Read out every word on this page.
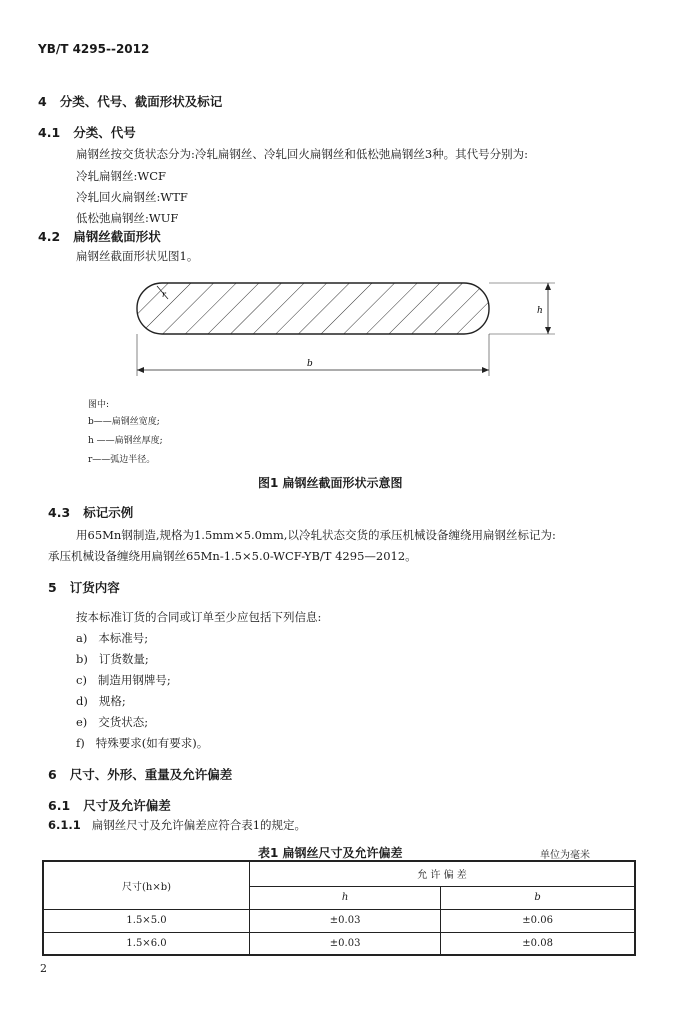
YB/T 4295--2012
4 分类、代号、截面形状及标记
4.1 分类、代号
扁钢丝按交货状态分为:冷轧扁钢丝、冷轧回火扁钢丝和低松弛扁钢丝3种。其代号分别为:
冷轧扁钢丝:WCF
冷轧回火扁钢丝:WTF
低松弛扁钢丝:WUF
4.2 扁钢丝截面形状
扁钢丝截面形状见图1。
r
h
b
图中:
b——扁钢丝宽度;
h ——扁钢丝厚度;
r——弧边半径。
图1 扁钢丝截面形状示意图
4.3 标记示例
用65Mn钢制造,规格为1.5mm×5.0mm,以冷轧状态交货的承压机械设备缠绕用扁钢丝标记为:
承压机械设备缠绕用扁钢丝65Mn-1.5×5.0-WCF-YB/T 4295—2012。
5 订货内容
按本标准订货的合同或订单至少应包括下列信息:
a) 本标准号;
b) 订货数量;
c) 制造用钢牌号;
d) 规格;
e) 交货状态;
f) 特殊要求(如有要求)。
6 尺寸、外形、重量及允许偏差
6.1 尺寸及允许偏差
6.1.1 扁钢丝尺寸及允许偏差应符合表1的规定。
表1 扁钢丝尺寸及允许偏差	单位为毫米
尺寸(h×b)	允 许 偏 差	
	h	b
1.5×5.0	±0.03	±0.06
1.5×6.0	±0.03	±0.08
2
